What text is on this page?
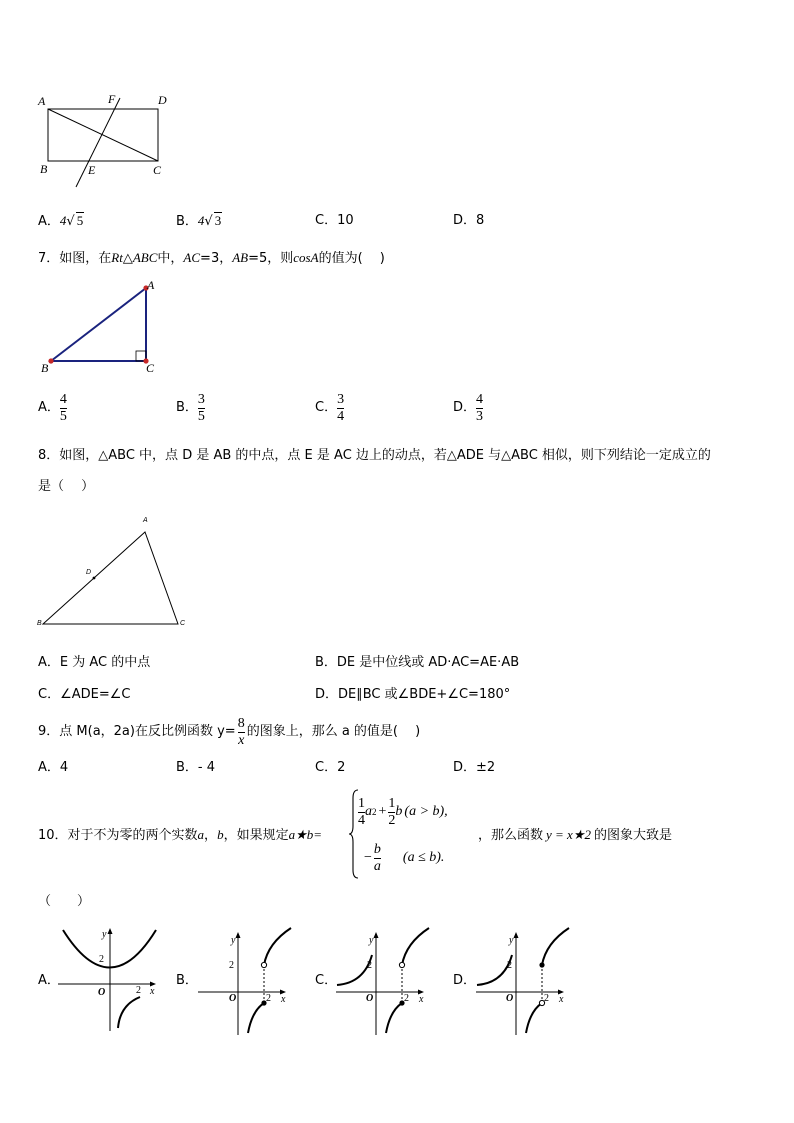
A	F	D
B	E	C
A．4√ 5	B．4√ 3	C．10	D．8
7．如图，在Rt△ABC中，AC=3，AB=5，则cosA的值为(　 )
A
B	C
A． $\frac{4}{5}$	B． $\frac{3}{5}$	C． $\frac{3}{4}$	D． $\frac{4}{3}$
8．如图，△ABC 中，点 D 是 AB 的中点，点 E 是 AC 边上的动点，若△ADE 与△ABC 相似，则下列结论一定成立的
是（　 ）
A
D
B	C
A．E 为 AC 的中点	B．DE 是中位线或 AD·AC=AE·AB
C．∠ADE=∠C	D．DE∥BC 或∠BDE+∠C=180°
9．点 M(a，2a)在反比例函数 $y= \frac{8}{x}$ 的图象上，那么 a 的值是(　 )
A．4	B．- 4	C．2	D．±2
10．对于不为零的两个实数a，b，如果规定a★b=
$\frac{1}{4}$ a $2 + \frac{1}{2}$ b (a > b),
− $\frac{b}{a} (a \le b)$.
，那么函数 y = x★2 的图象大致是
（　　）
A．
y
x
O
2
2
B．
y
x
O
2
2
C．
y
x
O
2
2
D．
y
x
O
2
2
